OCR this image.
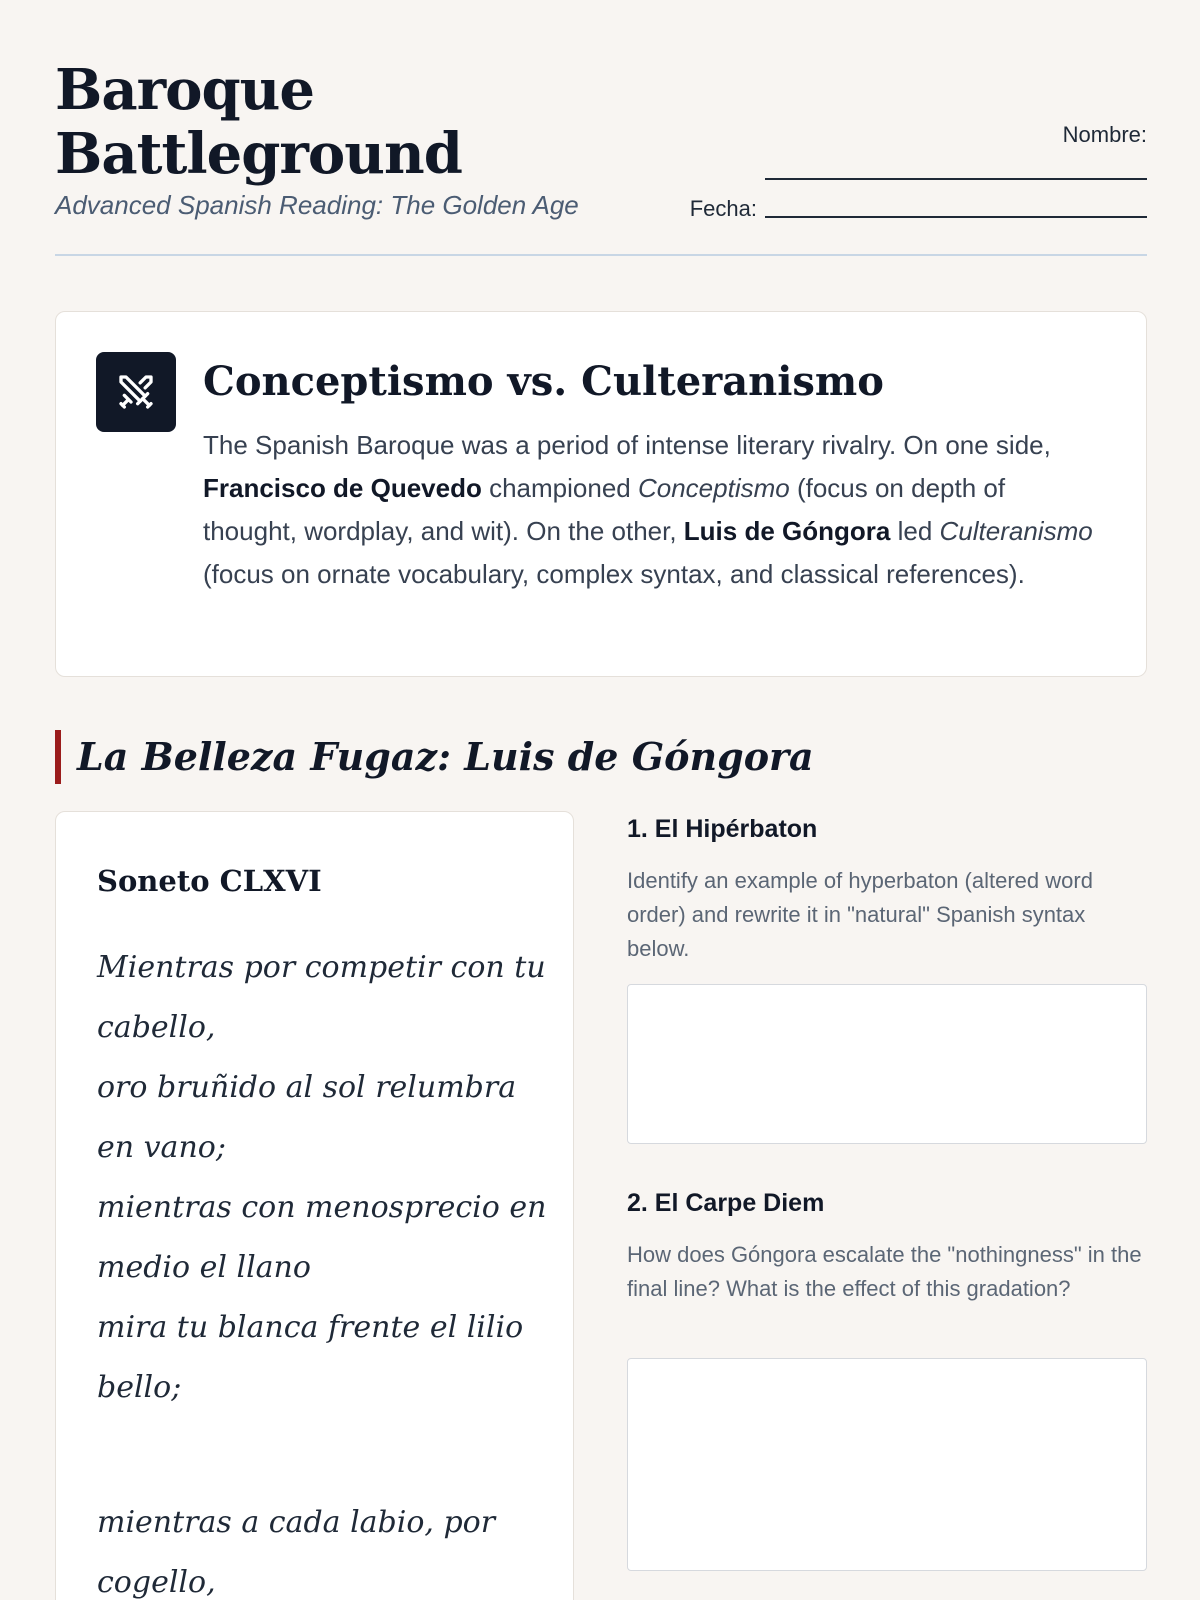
Baroque
Battleground
Advanced Spanish Reading: The Golden Age
Nombre:
Fecha:
Conceptismo vs. Culteranismo

The Spanish Baroque was a period of intense literary rivalry. On one side, Francisco de Quevedo championed Conceptismo (focus on depth of thought, wordplay, and wit). On the other, Luis de Góngora led Culteranismo (focus on ornate vocabulary, complex syntax, and classical references).

La Belleza Fugaz: Luis de Góngora
Soneto CLXVI
Mientras por competir con tu cabello,
oro bruñido al sol relumbra en vano;
mientras con menosprecio en medio el llano
mira tu blanca frente el lilio bello;
mientras a cada labio, por cogello,
1. El Hipérbaton
Identify an example of hyperbaton (altered word order) and rewrite it in "natural" Spanish syntax below.
2. El Carpe Diem
How does Góngora escalate the "nothingness" in the final line? What is the effect of this gradation?
